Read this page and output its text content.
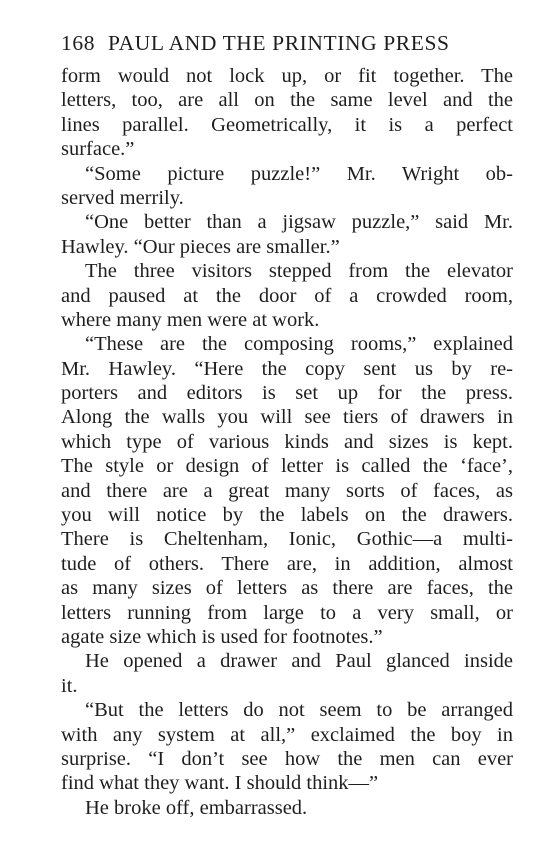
168 PAUL AND THE PRINTING PRESS
form would not lock up, or fit together. The
letters, too, are all on the same level and the
lines parallel. Geometrically, it is a perfect
surface.”
“Some picture puzzle!” Mr. Wright ob-
served merrily.
“One better than a jigsaw puzzle,” said Mr.
Hawley. “Our pieces are smaller.”
The three visitors stepped from the elevator
and paused at the door of a crowded room,
where many men were at work.
“These are the composing rooms,” explained
Mr. Hawley. “Here the copy sent us by re-
porters and editors is set up for the press.
Along the walls you will see tiers of drawers in
which type of various kinds and sizes is kept.
The style or design of letter is called the ‘face’,
and there are a great many sorts of faces, as
you will notice by the labels on the drawers.
There is Cheltenham, Ionic, Gothic—a multi-
tude of others. There are, in addition, almost
as many sizes of letters as there are faces, the
letters running from large to a very small, or
agate size which is used for footnotes.”
He opened a drawer and Paul glanced inside
it.
“But the letters do not seem to be arranged
with any system at all,” exclaimed the boy in
surprise. “I don’t see how the men can ever
find what they want. I should think—”
He broke off, embarrassed.
